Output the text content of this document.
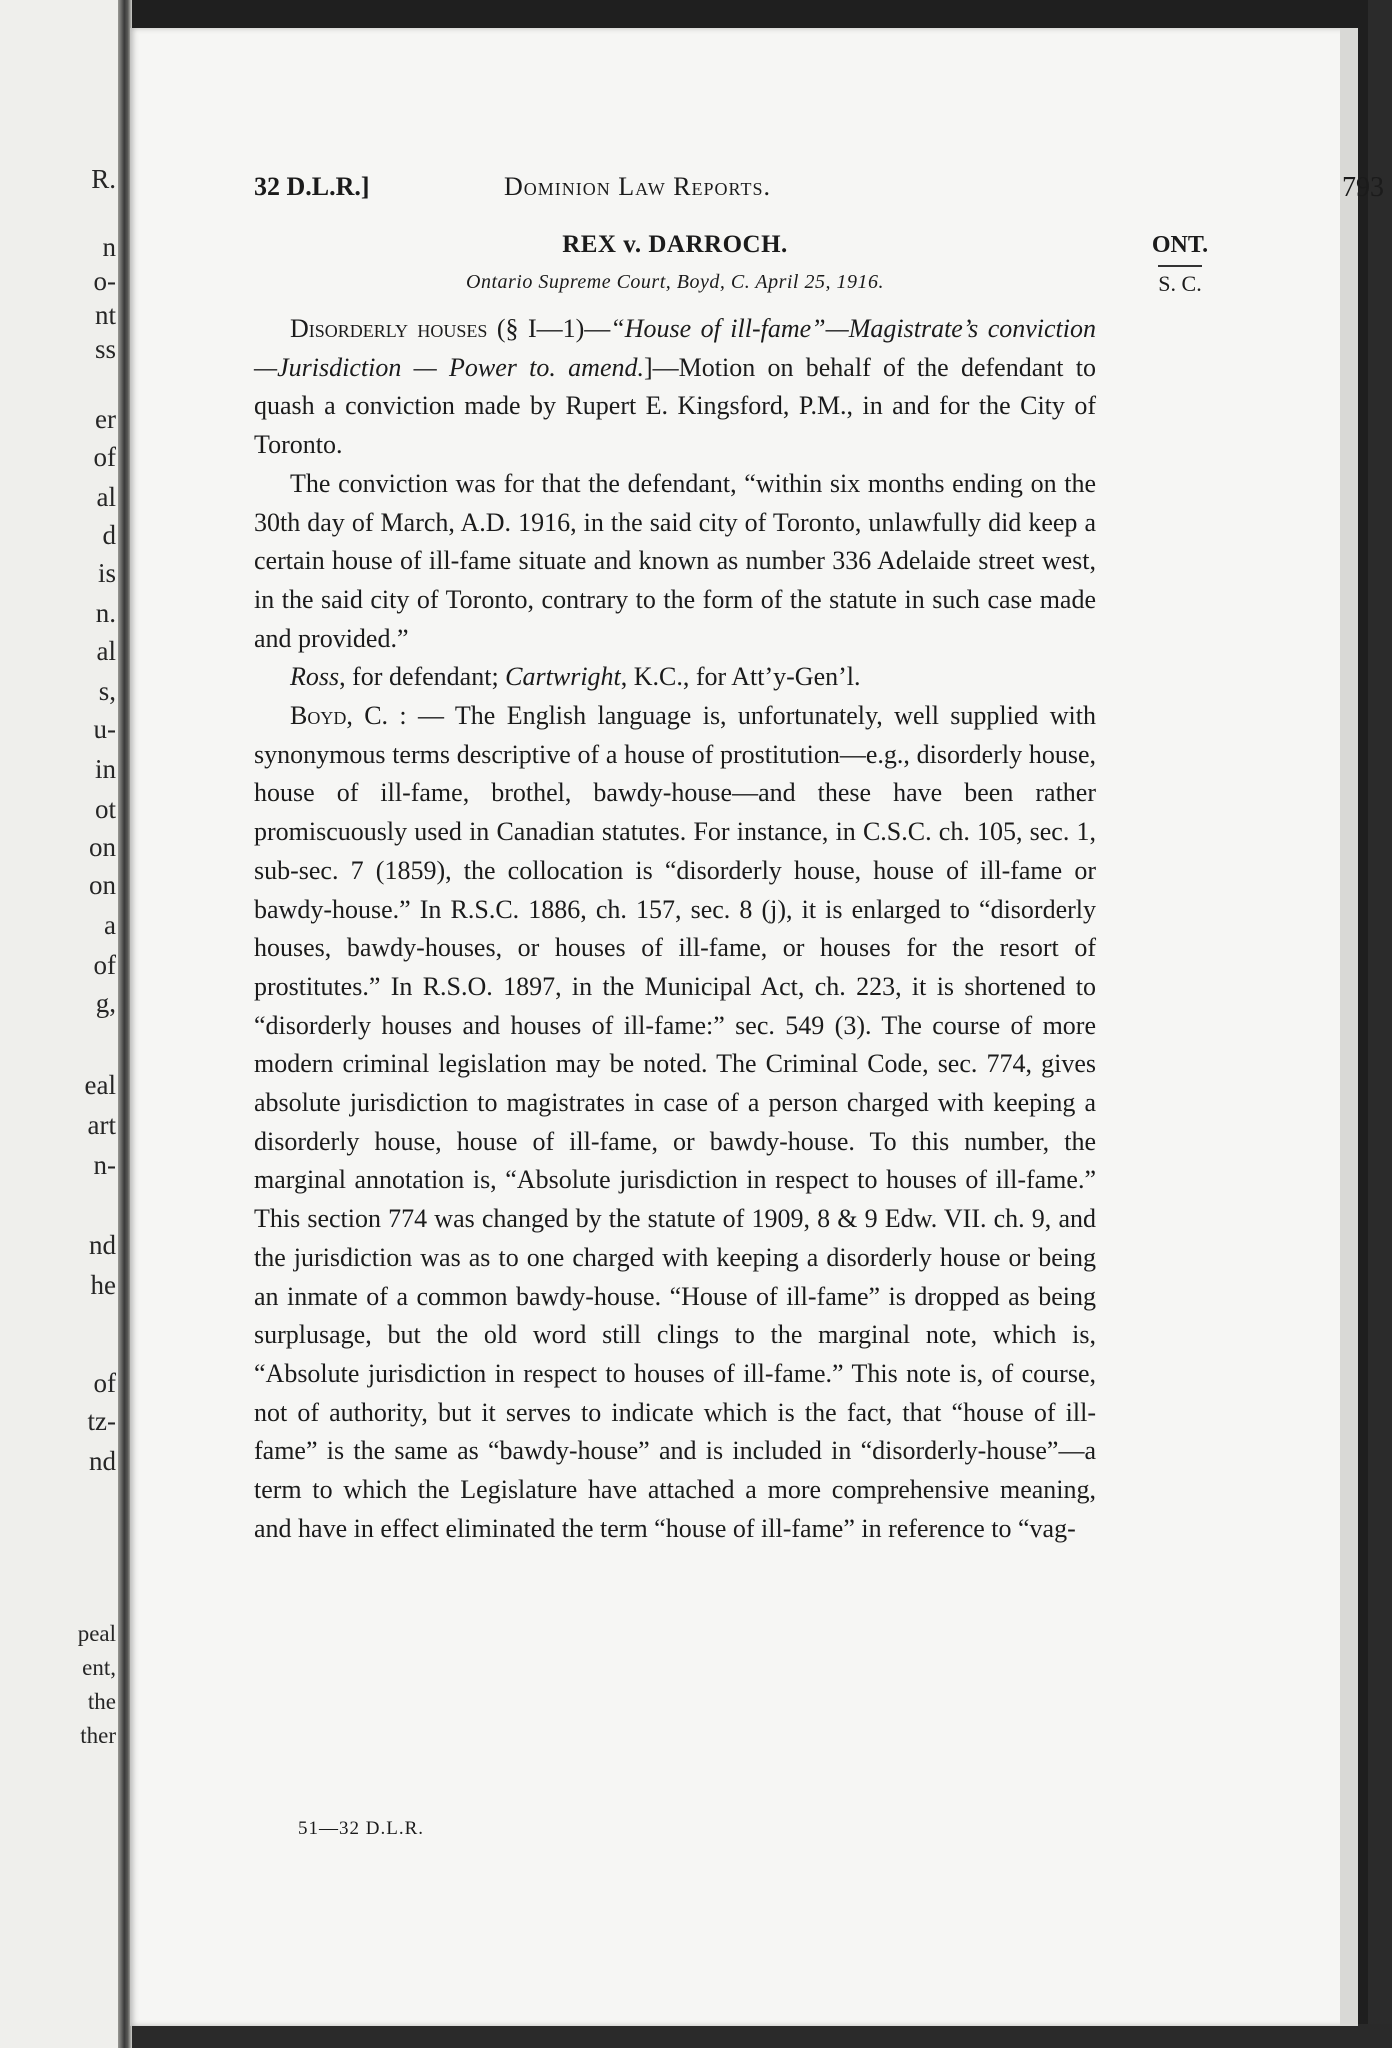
R.

n

o-

nt

ss

er

of

al

d

is

n.

al

s,

u-

in

ot

on

on

a

of

g,

eal

art

n-

nd

he

of

tz-

nd

peal

ent,

the

ther

32 D.L.R.]	Dominion Law Reports.	793
REX v. DARROCH.
Ontario Supreme Court, Boyd, C. April 25, 1916.
ONT.
S. C.

Disorderly houses (§ I—1)—“House of ill-fame”—Magistrate’s conviction—Jurisdiction — Power to. amend.]—Motion on behalf of the defendant to quash a conviction made by Rupert E. Kingsford, P.M., in and for the City of Toronto.

The conviction was for that the defendant, “within six months ending on the 30th day of March, A.D. 1916, in the said city of Toronto, unlawfully did keep a certain house of ill-fame situate and known as number 336 Adelaide street west, in the said city of Toronto, contrary to the form of the statute in such case made and provided.”

Ross, for defendant; Cartwright, K.C., for Att’y-Gen’l.

Boyd, C. : — The English language is, unfortunately, well supplied with synonymous terms descriptive of a house of prostitution—e.g., disorderly house, house of ill-fame, brothel, bawdy-house—and these have been rather promiscuously used in Canadian statutes. For instance, in C.S.C. ch. 105, sec. 1, sub-sec. 7 (1859), the collocation is “disorderly house, house of ill-fame or bawdy-house.” In R.S.C. 1886, ch. 157, sec. 8 (j), it is enlarged to “disorderly houses, bawdy-houses, or houses of ill-fame, or houses for the resort of prostitutes.” In R.S.O. 1897, in the Municipal Act, ch. 223, it is shortened to “disorderly houses and houses of ill-fame:” sec. 549 (3). The course of more modern criminal legislation may be noted. The Criminal Code, sec. 774, gives absolute jurisdiction to magistrates in case of a person charged with keeping a disorderly house, house of ill-fame, or bawdy-house. To this number, the marginal annotation is, “Absolute jurisdiction in respect to houses of ill-fame.” This section 774 was changed by the statute of 1909, 8 & 9 Edw. VII. ch. 9, and the jurisdiction was as to one charged with keeping a disorderly house or being an inmate of a common bawdy-house. “House of ill-fame” is dropped as being surplusage, but the old word still clings to the marginal note, which is, “Absolute jurisdiction in respect to houses of ill-fame.” This note is, of course, not of authority, but it serves to indicate which is the fact, that “house of ill-fame” is the same as “bawdy-house” and is included in “disorderly-house”—a term to which the Legislature have attached a more comprehensive meaning, and have in effect eliminated the term “house of ill-fame” in reference to “vag-

51—32 D.L.R.
